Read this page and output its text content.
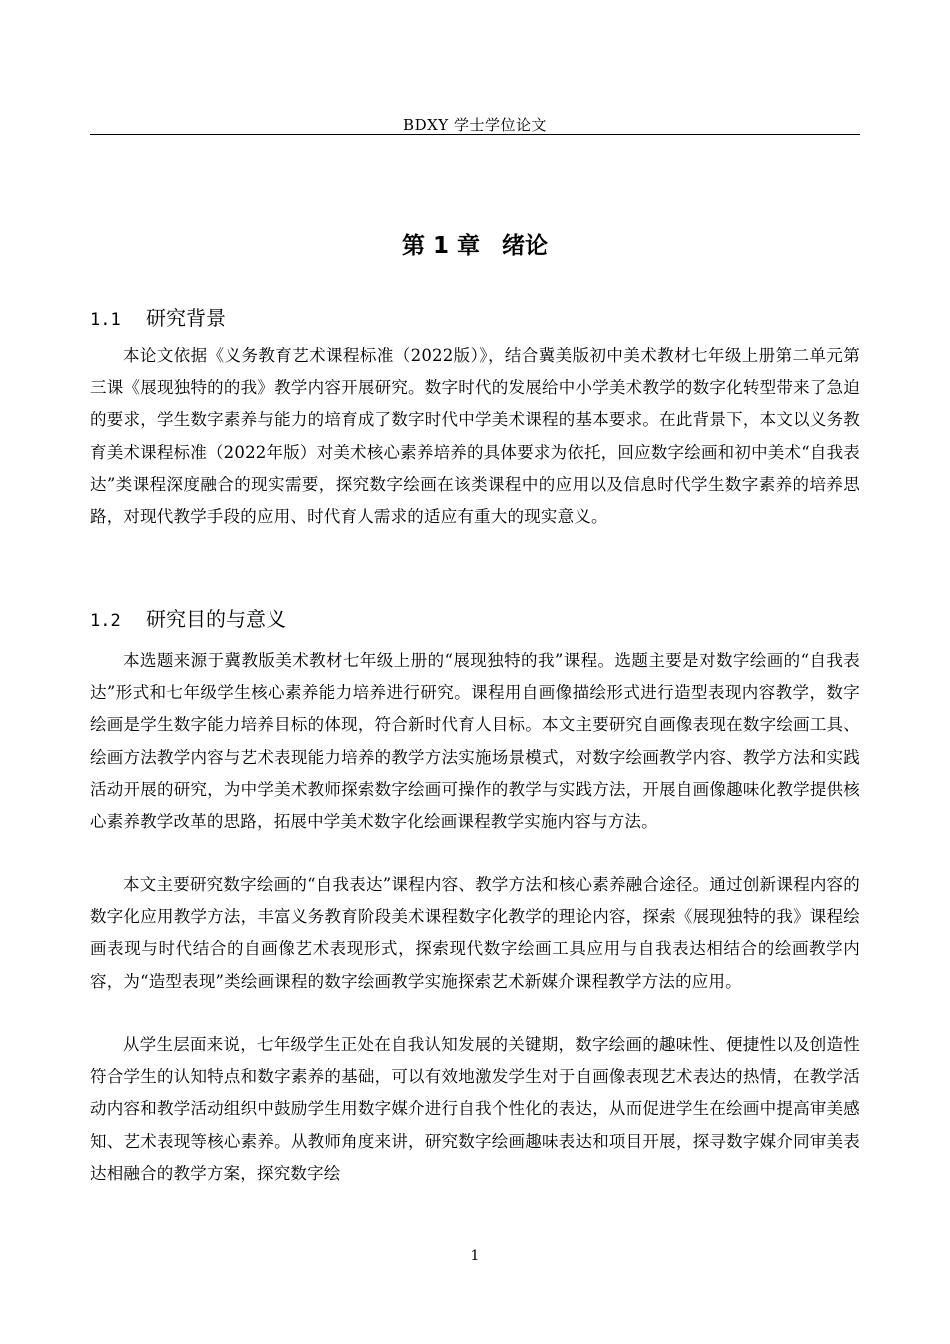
BDXY 学士学位论文
第 1 章 绪论
1.1 研究背景
本论文依据《义务教育艺术课程标准（2022版）》，结合冀美版初中美术教材七年级上册第二单元第三课《展现独特的的我》教学内容开展研究。数字时代的发展给中小学美术教学的数字化转型带来了急迫的要求，学生数字素养与能力的培育成了数字时代中学美术课程的基本要求。在此背景下，本文以义务教育美术课程标准（2022年版）对美术核心素养培养的具体要求为依托，回应数字绘画和初中美术“自我表达”类课程深度融合的现实需要，探究数字绘画在该类课程中的应用以及信息时代学生数字素养的培养思路，对现代教学手段的应用、时代育人需求的适应有重大的现实意义。
1.2 研究目的与意义
本选题来源于冀教版美术教材七年级上册的“展现独特的我”课程。选题主要是对数字绘画的“自我表达”形式和七年级学生核心素养能力培养进行研究。课程用自画像描绘形式进行造型表现内容教学，数字绘画是学生数字能力培养目标的体现，符合新时代育人目标。本文主要研究自画像表现在数字绘画工具、绘画方法教学内容与艺术表现能力培养的教学方法实施场景模式，对数字绘画教学内容、教学方法和实践活动开展的研究，为中学美术教师探索数字绘画可操作的教学与实践方法，开展自画像趣味化教学提供核心素养教学改革的思路，拓展中学美术数字化绘画课程教学实施内容与方法。
本文主要研究数字绘画的“自我表达”课程内容、教学方法和核心素养融合途径。通过创新课程内容的数字化应用教学方法，丰富义务教育阶段美术课程数字化教学的理论内容，探索《展现独特的我》课程绘画表现与时代结合的自画像艺术表现形式，探索现代数字绘画工具应用与自我表达相结合的绘画教学内容，为“造型表现”类绘画课程的数字绘画教学实施探索艺术新媒介课程教学方法的应用。
从学生层面来说，七年级学生正处在自我认知发展的关键期，数字绘画的趣味性、便捷性以及创造性符合学生的认知特点和数字素养的基础，可以有效地激发学生对于自画像表现艺术表达的热情，在教学活动内容和教学活动组织中鼓励学生用数字媒介进行自我个性化的表达，从而促进学生在绘画中提高审美感知、艺术表现等核心素养。从教师角度来讲，研究数字绘画趣味表达和项目开展，探寻数字媒介同审美表达相融合的教学方案，探究数字绘
1
